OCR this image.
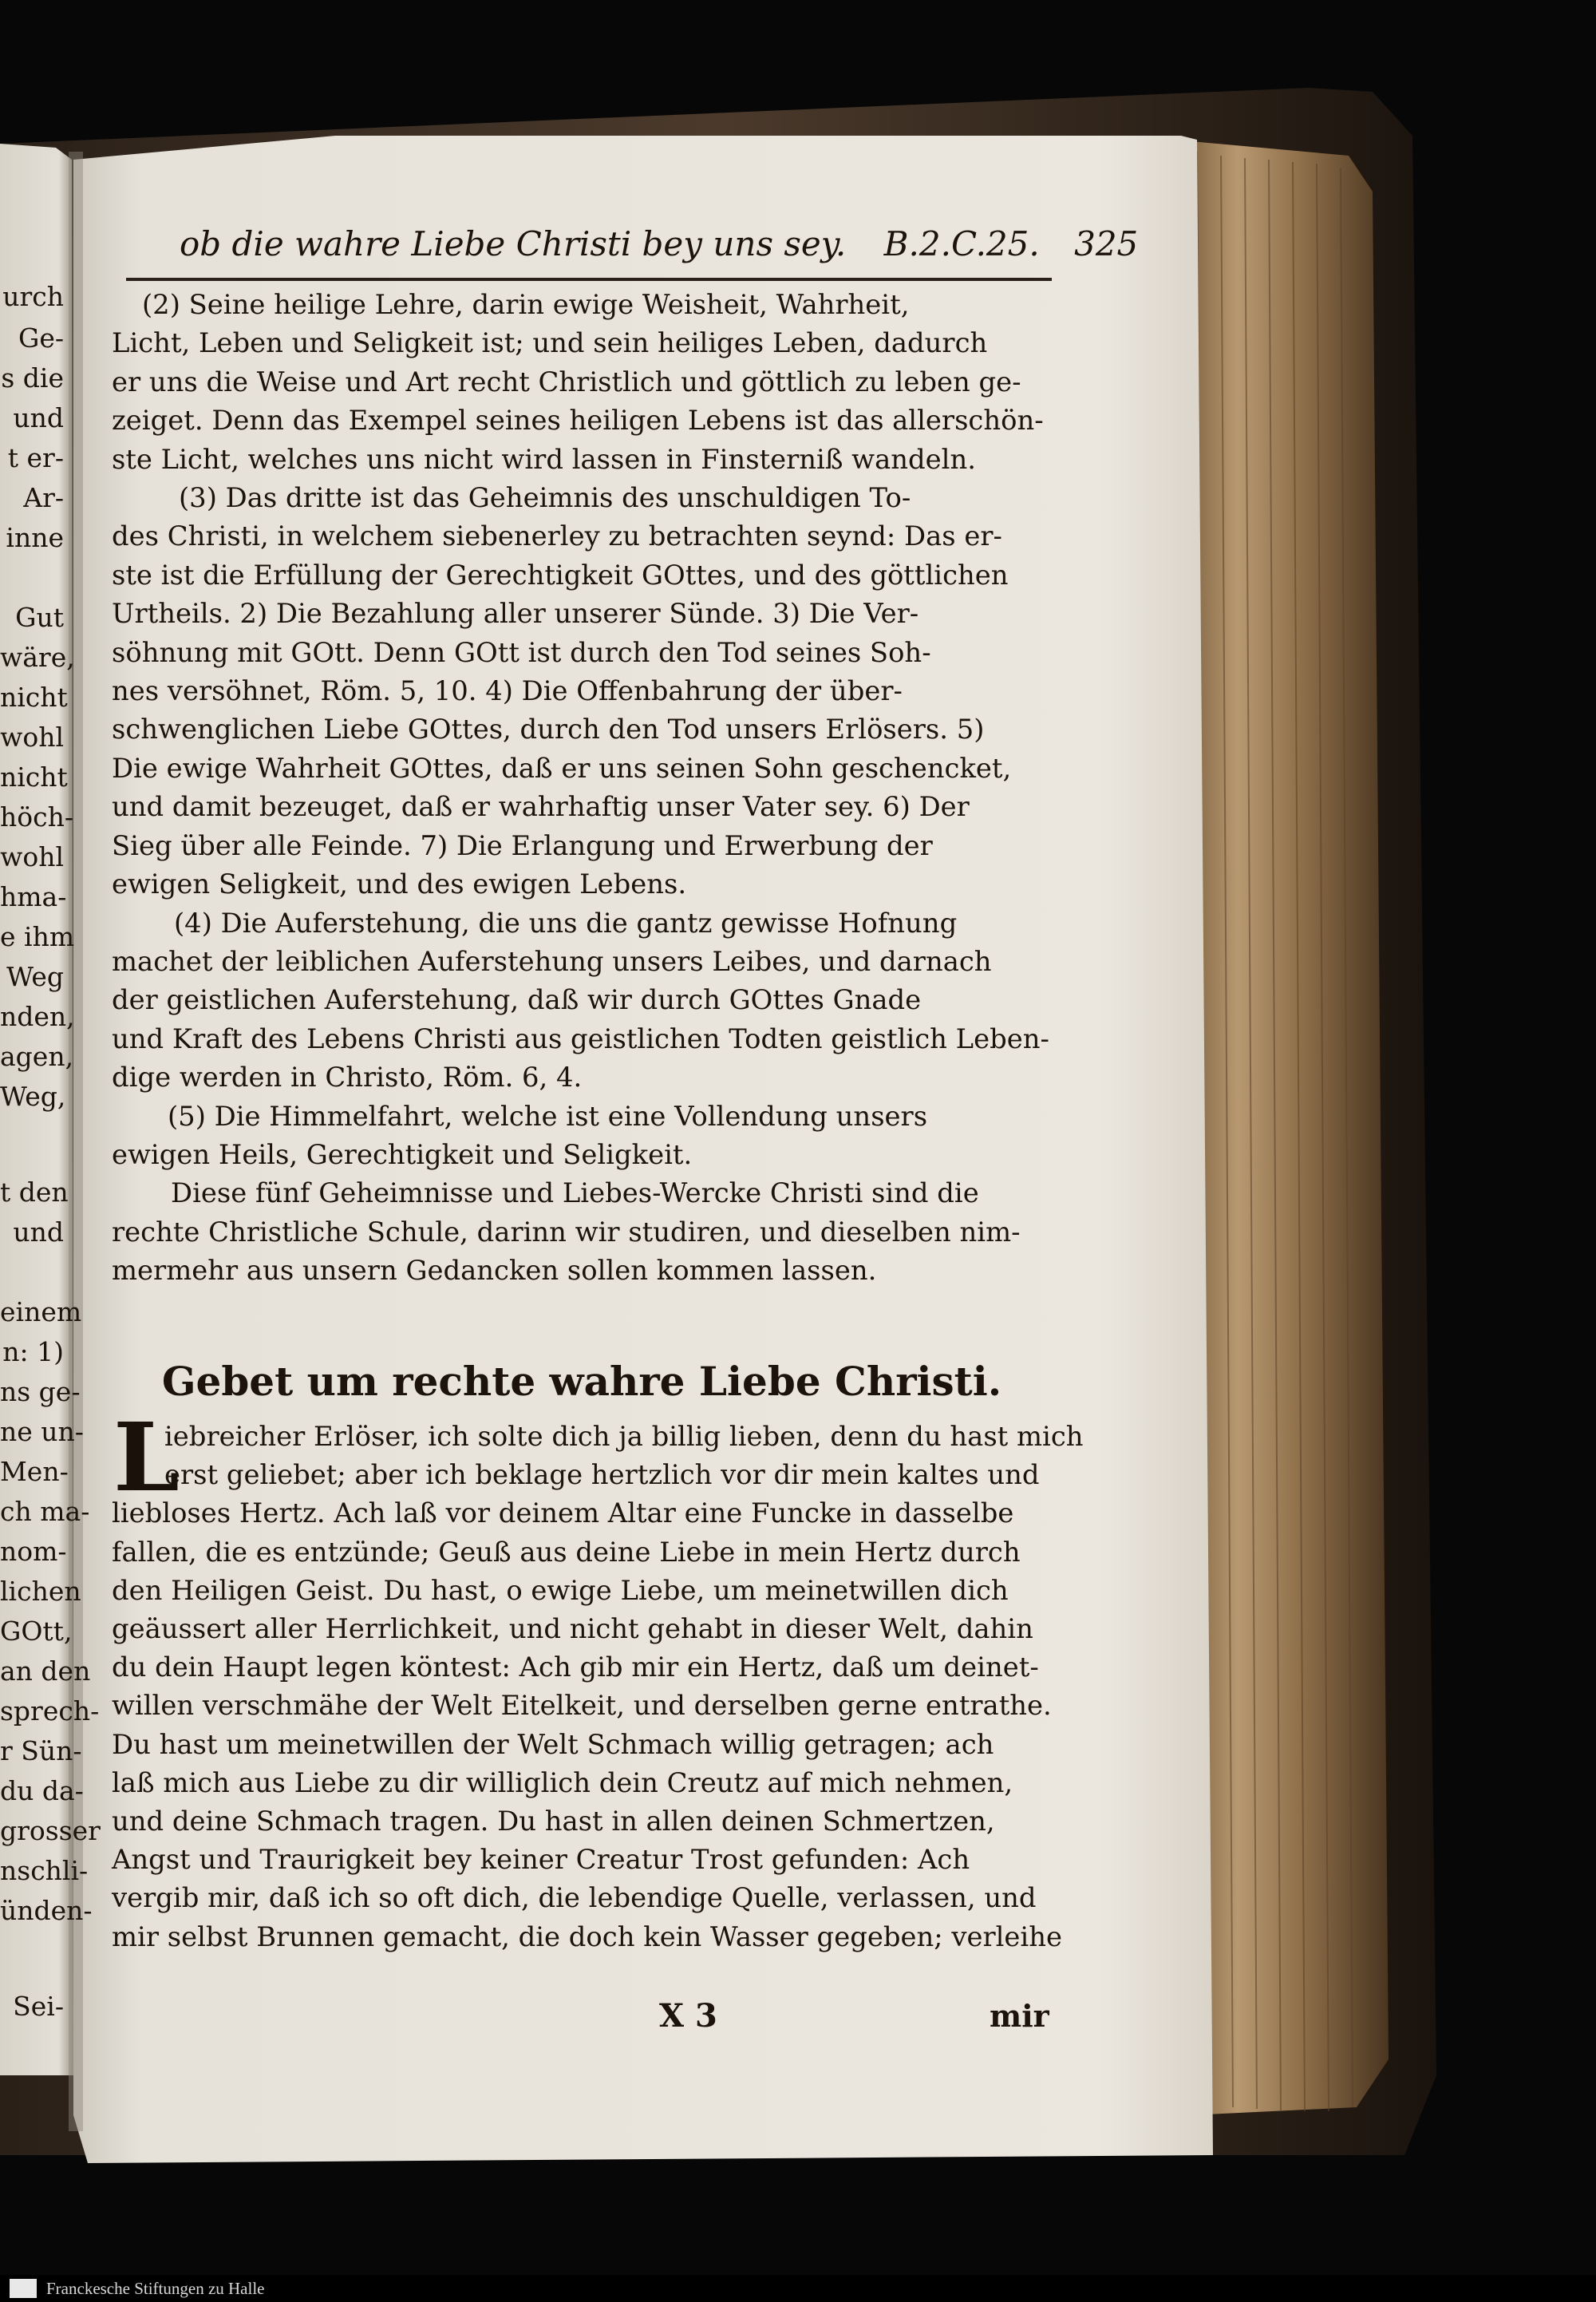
ob die wahre Liebe Christi bey uns sey. B.2.C.25. 325
(2) Seine heilige Lehre, darin ewige Weisheit, Wahrheit,
Licht, Leben und Seligkeit ist; und sein heiliges Leben, dadurch
er uns die Weise und Art recht Christlich und göttlich zu leben ge-
zeiget. Denn das Exempel seines heiligen Lebens ist das allerschön-
ste Licht, welches uns nicht wird lassen in Finsterniß wandeln.
(3) Das dritte ist das Geheimnis des unschuldigen To-
des Christi, in welchem siebenerley zu betrachten seynd: Das er-
ste ist die Erfüllung der Gerechtigkeit GOttes, und des göttlichen
Urtheils. 2) Die Bezahlung aller unserer Sünde. 3) Die Ver-
söhnung mit GOtt. Denn GOtt ist durch den Tod seines Soh-
nes versöhnet, Röm. 5, 10. 4) Die Offenbahrung der über-
schwenglichen Liebe GOttes, durch den Tod unsers Erlösers. 5)
Die ewige Wahrheit GOttes, daß er uns seinen Sohn geschencket,
und damit bezeuget, daß er wahrhaftig unser Vater sey. 6) Der
Sieg über alle Feinde. 7) Die Erlangung und Erwerbung der
ewigen Seligkeit, und des ewigen Lebens.
(4) Die Auferstehung, die uns die gantz gewisse Hofnung
machet der leiblichen Auferstehung unsers Leibes, und darnach
der geistlichen Auferstehung, daß wir durch GOttes Gnade
und Kraft des Lebens Christi aus geistlichen Todten geistlich Leben-
dige werden in Christo, Röm. 6, 4.
(5) Die Himmelfahrt, welche ist eine Vollendung unsers
ewigen Heils, Gerechtigkeit und Seligkeit.
Diese fünf Geheimnisse und Liebes-Wercke Christi sind die
rechte Christliche Schule, darinn wir studiren, und dieselben nim-
mermehr aus unsern Gedancken sollen kommen lassen.
Gebet um rechte wahre Liebe Christi.
L
iebreicher Erlöser, ich solte dich ja billig lieben, denn du hast mich
erst geliebet; aber ich beklage hertzlich vor dir mein kaltes und
liebloses Hertz. Ach laß vor deinem Altar eine Funcke in dasselbe
fallen, die es entzünde; Geuß aus deine Liebe in mein Hertz durch
den Heiligen Geist. Du hast, o ewige Liebe, um meinetwillen dich
geäussert aller Herrlichkeit, und nicht gehabt in dieser Welt, dahin
du dein Haupt legen köntest: Ach gib mir ein Hertz, daß um deinet-
willen verschmähe der Welt Eitelkeit, und derselben gerne entrathe.
Du hast um meinetwillen der Welt Schmach willig getragen; ach
laß mich aus Liebe zu dir williglich dein Creutz auf mich nehmen,
und deine Schmach tragen. Du hast in allen deinen Schmertzen,
Angst und Traurigkeit bey keiner Creatur Trost gefunden: Ach
vergib mir, daß ich so oft dich, die lebendige Quelle, verlassen, und
mir selbst Brunnen gemacht, die doch kein Wasser gegeben; verleihe
X 3	mir
urch
Ge-
s die
und
t er-
Ar-
inne
Gut
wäre,
nicht
wohl
nicht
höch-
wohl
hma-
e ihm
Weg
nden,
agen,
Weg,
t den
und
einem
n: 1)
ns ge-
ne un-
Men-
ch ma-
nom-
lichen
GOtt,
an den
sprech-
r Sün-
du da-
grosser
nschli-
ünden-
Sei-
Franckesche Stiftungen zu Halle
